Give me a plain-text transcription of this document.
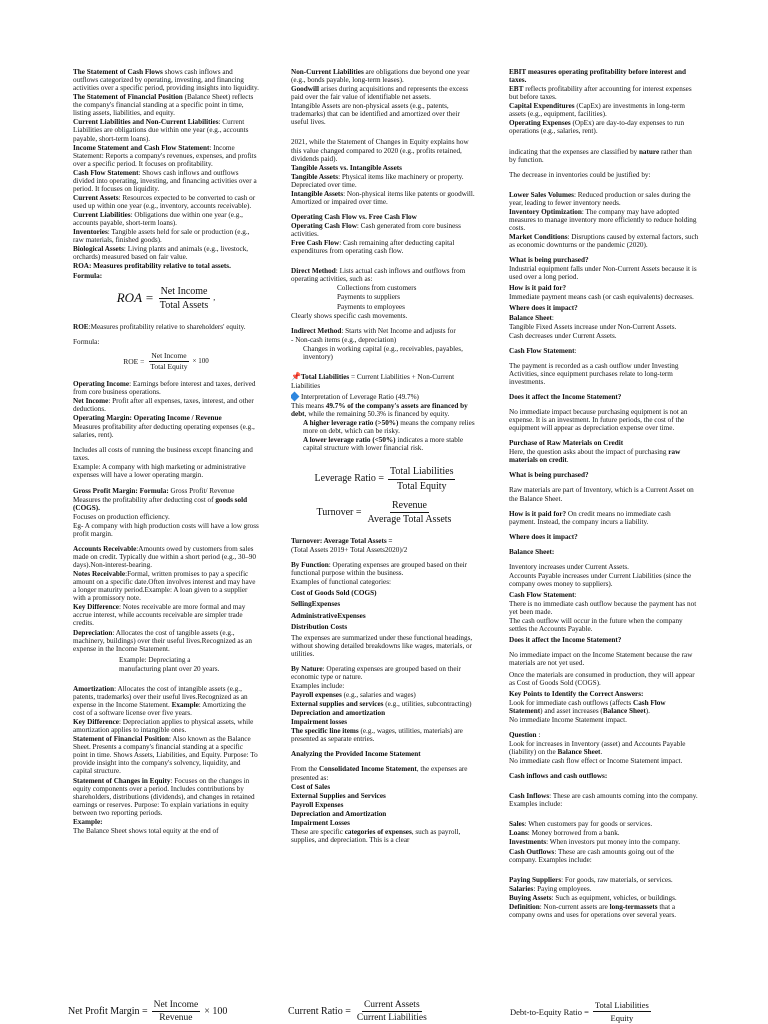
The Statement of Cash Flows shows cash inflows and outflows categorized by operating, investing, and financing activities over a specific period, providing insights into liquidity.

The Statement of Financial Position (Balance Sheet) reflects the company's financial standing at a specific point in time, listing assets, liabilities, and equity.

Current Liabilities and Non-Current Liabilities: Current Liabilities are obligations due within one year (e.g., accounts payable, short-term loans).

Income Statement and Cash Flow Statement: Income Statement: Reports a company's revenues, expenses, and profits over a specific period. It focuses on profitability.

Cash Flow Statement: Shows cash inflows and outflows divided into operating, investing, and financing activities over a period. It focuses on liquidity.

Current Assets: Resources expected to be converted to cash or used up within one year (e.g., inventory, accounts receivable).

Current Liabilities: Obligations due within one year (e.g., accounts payable, short-term loans).

Inventories: Tangible assets held for sale or production (e.g., raw materials, finished goods).

Biological Assets: Living plants and animals (e.g., livestock, orchards) measured based on fair value.

ROA: Measures profitability relative to total assets.

Formula:

ROA = $\frac{\text{Net Income}}{\text{Total Assets}}$ ,

ROE:Measures profitability relative to shareholders' equity.

Formula:

ROE = $\frac{\text{Net Income}}{\text{Total Equity}} \times 100$

Operating Income: Earnings before interest and taxes, derived from core business operations.

Net Income: Profit after all expenses, taxes, interest, and other deductions.

Operating Margin: Operating Income / Revenue

Measures profitability after deducting operating expenses (e.g., salaries, rent).

Includes all costs of running the business except financing and taxes.

Example: A company with high marketing or administrative expenses will have a lower operating margin.

Gross Profit Margin: Formula: Gross Profit/ Revenue

Measures the profitability after deducting cost of goods sold (COGS).

Focuses on production efficiency.

Eg- A company with high production costs will have a low gross profit margin.

Accounts Receivable:Amounts owed by customers from sales made on credit. Typically due within a short period (e.g., 30–90 days).Non-interest-bearing.

Notes Receivable:Formal, written promises to pay a specific amount on a specific date.Often involves interest and may have a longer maturity period.Example: A loan given to a supplier with a promissory note.

Key Difference: Notes receivable are more formal and may accrue interest, while accounts receivable are simpler trade credits.

Depreciation: Allocates the cost of tangible assets (e.g., machinery, buildings) over their useful lives.Recognized as an expense in the Income Statement.

Example: Depreciating a

manufacturing plant over 20 years.

Amortization: Allocates the cost of intangible assets (e.g., patents, trademarks) over their useful lives.Recognized as an expense in the Income Statement. Example: Amortizing the cost of a software license over five years.

Key Difference: Depreciation applies to physical assets, while amortization applies to intangible ones.

Statement of Financial Position: Also known as the Balance Sheet. Presents a company's financial standing at a specific point in time. Shows Assets, Liabilities, and Equity. Purpose: To provide insight into the company's solvency, liquidity, and capital structure.

Statement of Changes in Equity: Focuses on the changes in equity components over a period. Includes contributions by shareholders, distributions (dividends), and changes in retained earnings or reserves. Purpose: To explain variations in equity between two reporting periods.

Example:

The Balance Sheet shows total equity at the end of

Non-Current Liabilities are obligations due beyond one year (e.g., bonds payable, long-term leases).

Goodwill arises during acquisitions and represents the excess paid over the fair value of identifiable net assets.

Intangible Assets are non-physical assets (e.g., patents, trademarks) that can be identified and amortized over their useful lives.

2021, while the Statement of Changes in Equity explains how this value changed compared to 2020 (e.g., profits retained, dividends paid).

Tangible Assets vs. Intangible Assets

Tangible Assets: Physical items like machinery or property. Depreciated over time.

Intangible Assets: Non-physical items like patents or goodwill. Amortized or impaired over time.

Operating Cash Flow vs. Free Cash Flow

Operating Cash Flow: Cash generated from core business activities.

Free Cash Flow: Cash remaining after deducting capital expenditures from operating cash flow.

Direct Method: Lists actual cash inflows and outflows from operating activities, such as:

Collections from customers

Payments to suppliers

Payments to employees

Clearly shows specific cash movements.

Indirect Method: Starts with Net Income and adjusts for

- Non-cash items (e.g., depreciation)

Changes in working capital (e.g., receivables, payables, inventory)

📌Total Liabilities = Current Liabilities + Non-Current Liabilities

Interpretation of Leverage Ratio (49.7%)

This means 49.7% of the company's assets are financed by debt, while the remaining 50.3% is financed by equity.

A higher leverage ratio (>50%) means the company relies more on debt, which can be risky.

A lower leverage ratio (<50%) indicates a more stable capital structure with lower financial risk.

Leverage Ratio = $\frac{\text{Total Liabilities}}{\text{Total Equity}}$
Turnover = $\frac{\text{Revenue}}{\text{Average Total Assets}}$

Turnover: Average Total Assets =

(Total Assets 2019+ Total Assets2020)/2

By Function: Operating expenses are grouped based on their functional purpose within the business.

Examples of functional categories:

Cost of Goods Sold (COGS)

SellingExpenses

AdministrativeExpenses

Distribution Costs

The expenses are summarized under these functional headings, without showing detailed breakdowns like wages, materials, or utilities.

By Nature: Operating expenses are grouped based on their economic type or nature.

Examples include:

Payroll expenses (e.g., salaries and wages)

External supplies and services (e.g., utilities, subcontracting)

Depreciation and amortization

Impairment losses

The specific line items (e.g., wages, utilities, materials) are presented as separate entries.

Analyzing the Provided Income Statement

From the Consolidated Income Statement, the expenses are presented as:

Cost of Sales

External Supplies and Services

Payroll Expenses

Depreciation and Amortization

Impairment Losses

These are specific categories of expenses, such as payroll, supplies, and depreciation. This is a clear

EBIT measures operating profitability before interest and taxes.

EBT reflects profitability after accounting for interest expenses but before taxes.

Capital Expenditures (CapEx) are investments in long-term assets (e.g., equipment, facilities).

Operating Expenses (OpEx) are day-to-day expenses to run operations (e.g., salaries, rent).

indicating that the expenses are classified by nature rather than by function.

The decrease in inventories could be justified by:

Lower Sales Volumes: Reduced production or sales during the year, leading to fewer inventory needs.

Inventory Optimization: The company may have adopted measures to manage inventory more efficiently to reduce holding costs.

Market Conditions: Disruptions caused by external factors, such as economic downturns or the pandemic (2020).

What is being purchased?

Industrial equipment falls under Non-Current Assets because it is used over a long period.

How is it paid for?

Immediate payment means cash (or cash equivalents) decreases.

Where does it impact?

Balance Sheet:

Tangible Fixed Assets increase under Non-Current Assets.

Cash decreases under Current Assets.

Cash Flow Statement:

The payment is recorded as a cash outflow under Investing Activities, since equipment purchases relate to long-term investments.

Does it affect the Income Statement?

No immediate impact because purchasing equipment is not an expense. It is an investment. In future periods, the cost of the equipment will appear as depreciation expense over time.

Purchase of Raw Materials on Credit

Here, the question asks about the impact of purchasing raw materials on credit.

What is being purchased?

Raw materials are part of Inventory, which is a Current Asset on the Balance Sheet.

How is it paid for? On credit means no immediate cash payment. Instead, the company incurs a liability.

Where does it impact?

Balance Sheet:

Inventory increases under Current Assets.

Accounts Payable increases under Current Liabilities (since the company owes money to suppliers).

Cash Flow Statement:

There is no immediate cash outflow because the payment has not yet been made.

The cash outflow will occur in the future when the company settles the Accounts Payable.

Does it affect the Income Statement?

No immediate impact on the Income Statement because the raw materials are not yet used.

Once the materials are consumed in production, they will appear as Cost of Goods Sold (COGS).

Key Points to Identify the Correct Answers:

Look for immediate cash outflows (affects Cash Flow Statement) and asset increases (Balance Sheet).

No immediate Income Statement impact.

Question :

Look for increases in Inventory (asset) and Accounts Payable (liability) on the Balance Sheet.

No immediate cash flow effect or Income Statement impact.

Cash inflows and cash outflows:

Cash Inflows: These are cash amounts coming into the company. Examples include:

Sales: When customers pay for goods or services.

Loans: Money borrowed from a bank.

Investments: When investors put money into the company.

Cash Outflows: These are cash amounts going out of the company. Examples include:

Paying Suppliers: For goods, raw materials, or services.

Salaries: Paying employees.

Buying Assets: Such as equipment, vehicles, or buildings.

Definition: Non-current assets are long-termassets that a company owns and uses for operations over several years.

Net Profit Margin = $\frac{\text{Net Income}}{\text{Revenue}} \times 100$	Current Ratio = $\frac{\text{Current Assets}}{\text{Current Liabilities}}$	Debt-to-Equity Ratio = $\frac{\text{Total Liabilities}}{\text{Equity}}$
